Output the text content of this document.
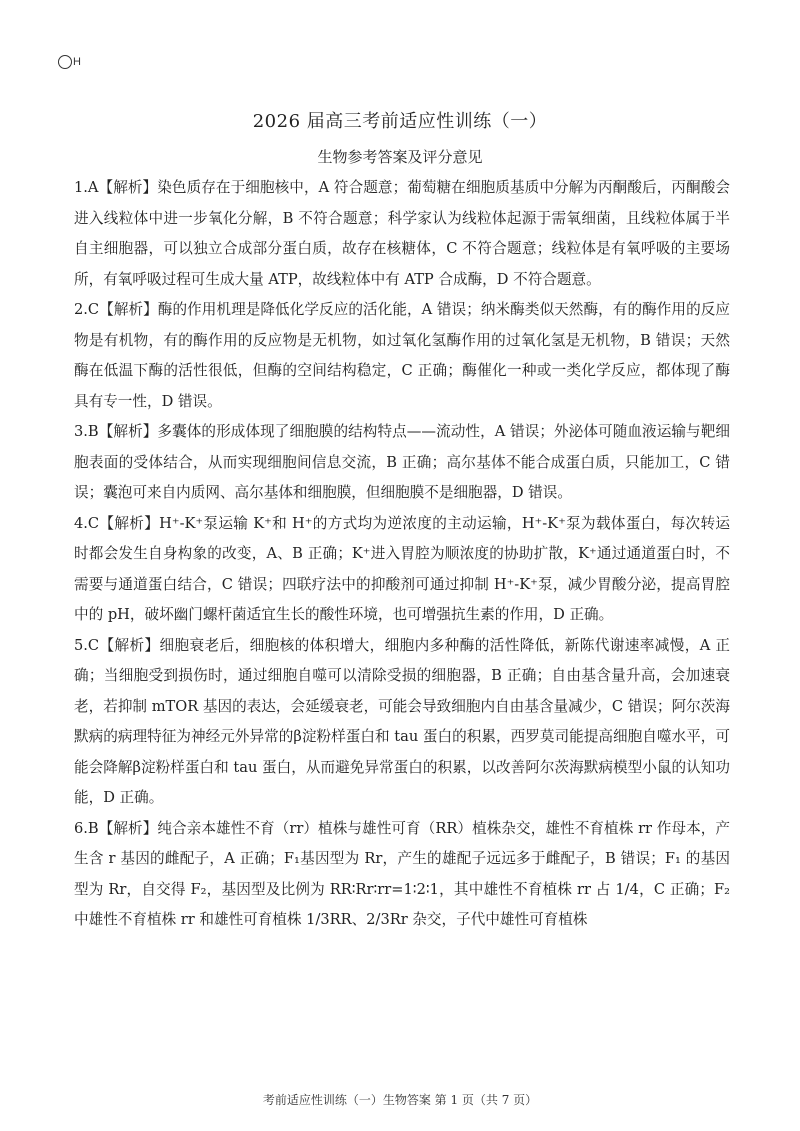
H
2026 届高三考前适应性训练（一）
生物参考答案及评分意见

1.A【解析】染色质存在于细胞核中，A 符合题意；葡萄糖在细胞质基质中分解为丙酮酸后，丙酮酸会进入线粒体中进一步氧化分解，B 不符合题意；科学家认为线粒体起源于需氧细菌，且线粒体属于半自主细胞器，可以独立合成部分蛋白质，故存在核糖体，C 不符合题意；线粒体是有氧呼吸的主要场所，有氧呼吸过程可生成大量 ATP，故线粒体中有 ATP 合成酶，D 不符合题意。

2.C【解析】酶的作用机理是降低化学反应的活化能，A 错误；纳米酶类似天然酶，有的酶作用的反应物是有机物，有的酶作用的反应物是无机物，如过氧化氢酶作用的过氧化氢是无机物，B 错误；天然酶在低温下酶的活性很低，但酶的空间结构稳定，C 正确；酶催化一种或一类化学反应，都体现了酶具有专一性，D 错误。

3.B【解析】多囊体的形成体现了细胞膜的结构特点——流动性，A 错误；外泌体可随血液运输与靶细胞表面的受体结合，从而实现细胞间信息交流，B 正确；高尔基体不能合成蛋白质，只能加工，C 错误；囊泡可来自内质网、高尔基体和细胞膜，但细胞膜不是细胞器，D 错误。

4.C【解析】H⁺-K⁺泵运输 K⁺和 H⁺的方式均为逆浓度的主动运输，H⁺-K⁺泵为载体蛋白，每次转运时都会发生自身构象的改变，A、B 正确；K⁺进入胃腔为顺浓度的协助扩散，K⁺通过通道蛋白时，不需要与通道蛋白结合，C 错误；四联疗法中的抑酸剂可通过抑制 H⁺-K⁺泵，减少胃酸分泌，提高胃腔中的 pH，破坏幽门螺杆菌适宜生长的酸性环境，也可增强抗生素的作用，D 正确。

5.C【解析】细胞衰老后，细胞核的体积增大，细胞内多种酶的活性降低，新陈代谢速率减慢，A 正确；当细胞受到损伤时，通过细胞自噬可以清除受损的细胞器，B 正确；自由基含量升高，会加速衰老，若抑制 mTOR 基因的表达，会延缓衰老，可能会导致细胞内自由基含量减少，C 错误；阿尔茨海默病的病理特征为神经元外异常的β淀粉样蛋白和 tau 蛋白的积累，西罗莫司能提高细胞自噬水平，可能会降解β淀粉样蛋白和 tau 蛋白，从而避免异常蛋白的积累，以改善阿尔茨海默病模型小鼠的认知功能，D 正确。

6.B【解析】纯合亲本雄性不育（rr）植株与雄性可育（RR）植株杂交，雄性不育植株 rr 作母本，产生含 r 基因的雌配子，A 正确；F₁基因型为 Rr，产生的雄配子远远多于雌配子，B 错误；F₁ 的基因型为 Rr，自交得 F₂，基因型及比例为 RR∶Rr∶rr=1∶2∶1，其中雄性不育植株 rr 占 1/4，C 正确；F₂中雄性不育植株 rr 和雄性可育植株 1/3RR、2/3Rr 杂交，子代中雄性可育植株

考前适应性训练（一）生物答案 第 1 页（共 7 页）
